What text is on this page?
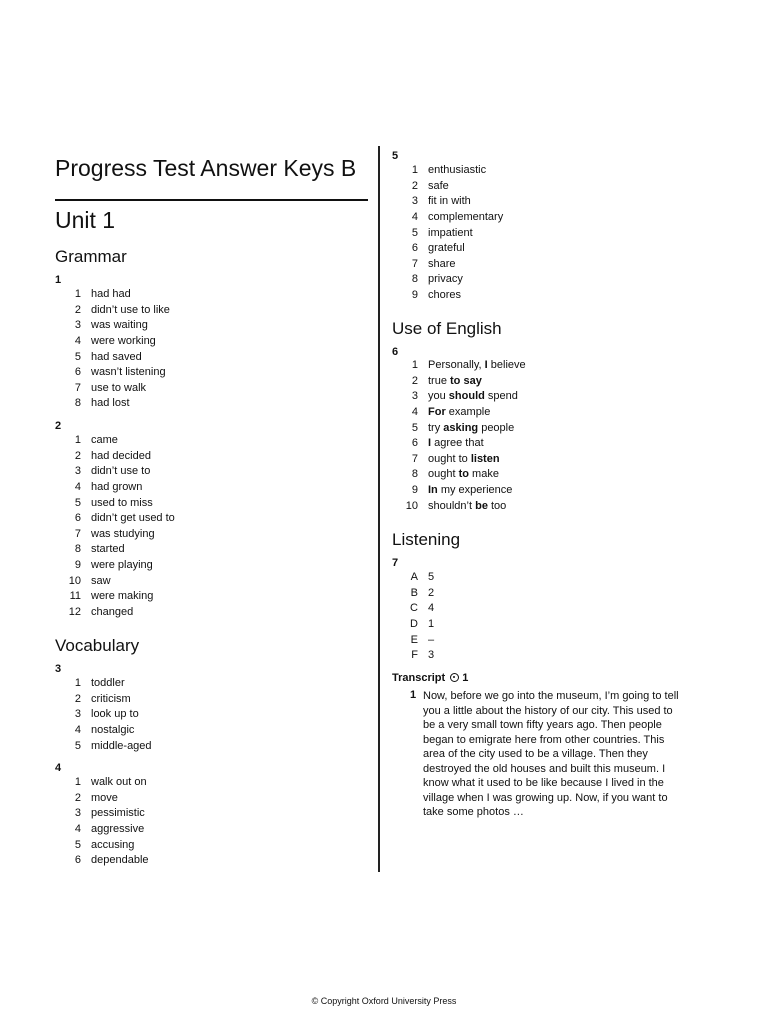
Progress Test Answer Keys B
Unit 1
Grammar
1
1 had had
2 didn’t use to like
3 was waiting
4 were working
5 had saved
6 wasn’t listening
7 use to walk
8 had lost
2
1 came
2 had decided
3 didn’t use to
4 had grown
5 used to miss
6 didn’t get used to
7 was studying
8 started
9 were playing
10 saw
11 were making
12 changed
Vocabulary
3
1 toddler
2 criticism
3 look up to
4 nostalgic
5 middle-aged
4
1 walk out on
2 move
3 pessimistic
4 aggressive
5 accusing
6 dependable
5
1 enthusiastic
2 safe
3 fit in with
4 complementary
5 impatient
6 grateful
7 share
8 privacy
9 chores
Use of English
6
1 Personally, I believe
2 true to say
3 you should spend
4 For example
5 try asking people
6 I agree that
7 ought to listen
8 ought to make
9 In my experience
10 shouldn’t be too
Listening
7
A 5
B 2
C 4
D 1
E –
F 3
Transcript 1
1 Now, before we go into the museum, I’m going to tell
you a little about the history of our city. This used to
be a very small town fifty years ago. Then people
began to emigrate here from other countries. This
area of the city used to be a village. Then they
destroyed the old houses and built this museum. I
know what it used to be like because I lived in the
village when I was growing up. Now, if you want to
take some photos …
© Copyright Oxford University Press
